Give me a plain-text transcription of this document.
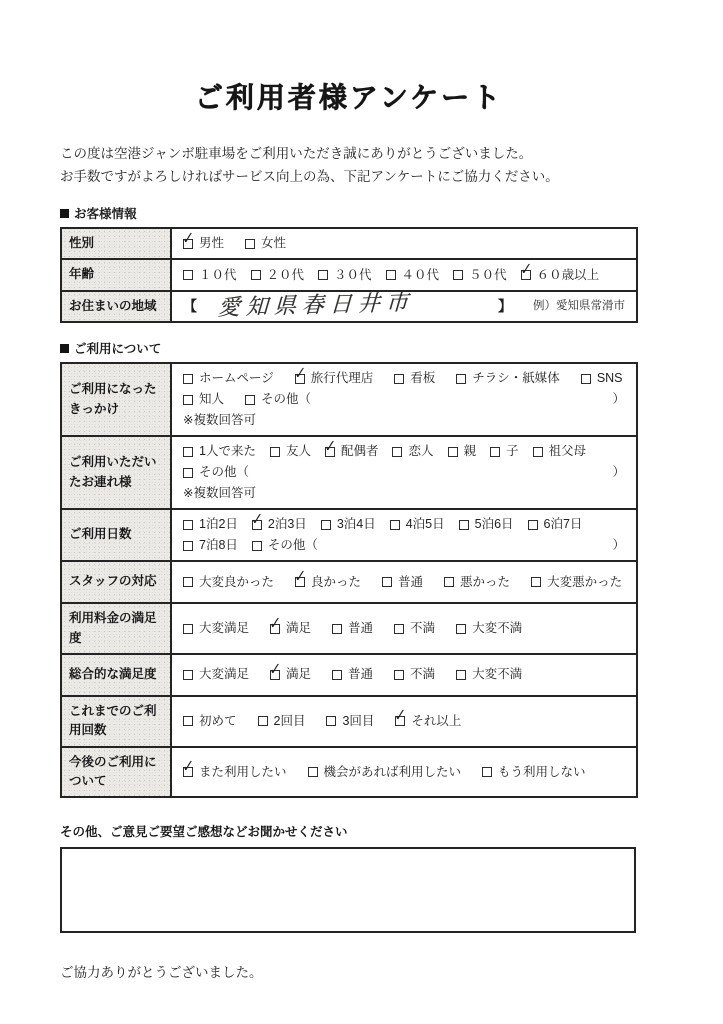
ご利用者様アンケート
この度は空港ジャンボ駐車場をご利用いただき誠にありがとうございました。
お手数ですがよろしければサービス向上の為、下記アンケートにご協力ください。
お客様情報
性別	✓ 男性 女性

年齢	１０代 ２０代 ３０代 ４０代 ５０代 ✓ ６０歳以上

お住まいの地域	【 愛知県春日井市 】 例）愛知県常滑市
ご利用について
ご利用になったきっかけ	
ホームページ ✓ 旅行代理店	看板	チラシ・紙媒体	SNS
知人	その他（	）
※複数回答可

ご利用いただいたお連れ様	
1人で来た 友人 ✓ 配偶者 恋人 親 子 祖父母
その他（	）
※複数回答可

ご利用日数	
1泊2日 ✓ 2泊3日 3泊4日 4泊5日 5泊6日 6泊7日
7泊8日 その他（	）

スタッフの対応	大変良かった ✓ 良かった	普通	悪かった	大変悪かった

利用料金の満足度	
大変満足 ✓ 満足	普通	不満	大変不満

総合的な満足度	大変満足 ✓ 満足	普通	不満	大変不満

これまでのご利用回数	初めて 2回目 3回目 ✓ それ以上

今後のご利用について	✓ また利用したい 機会があれば利用したい もう利用しない
その他、ご意見ご要望ご感想などお聞かせください
ご協力ありがとうございました。
